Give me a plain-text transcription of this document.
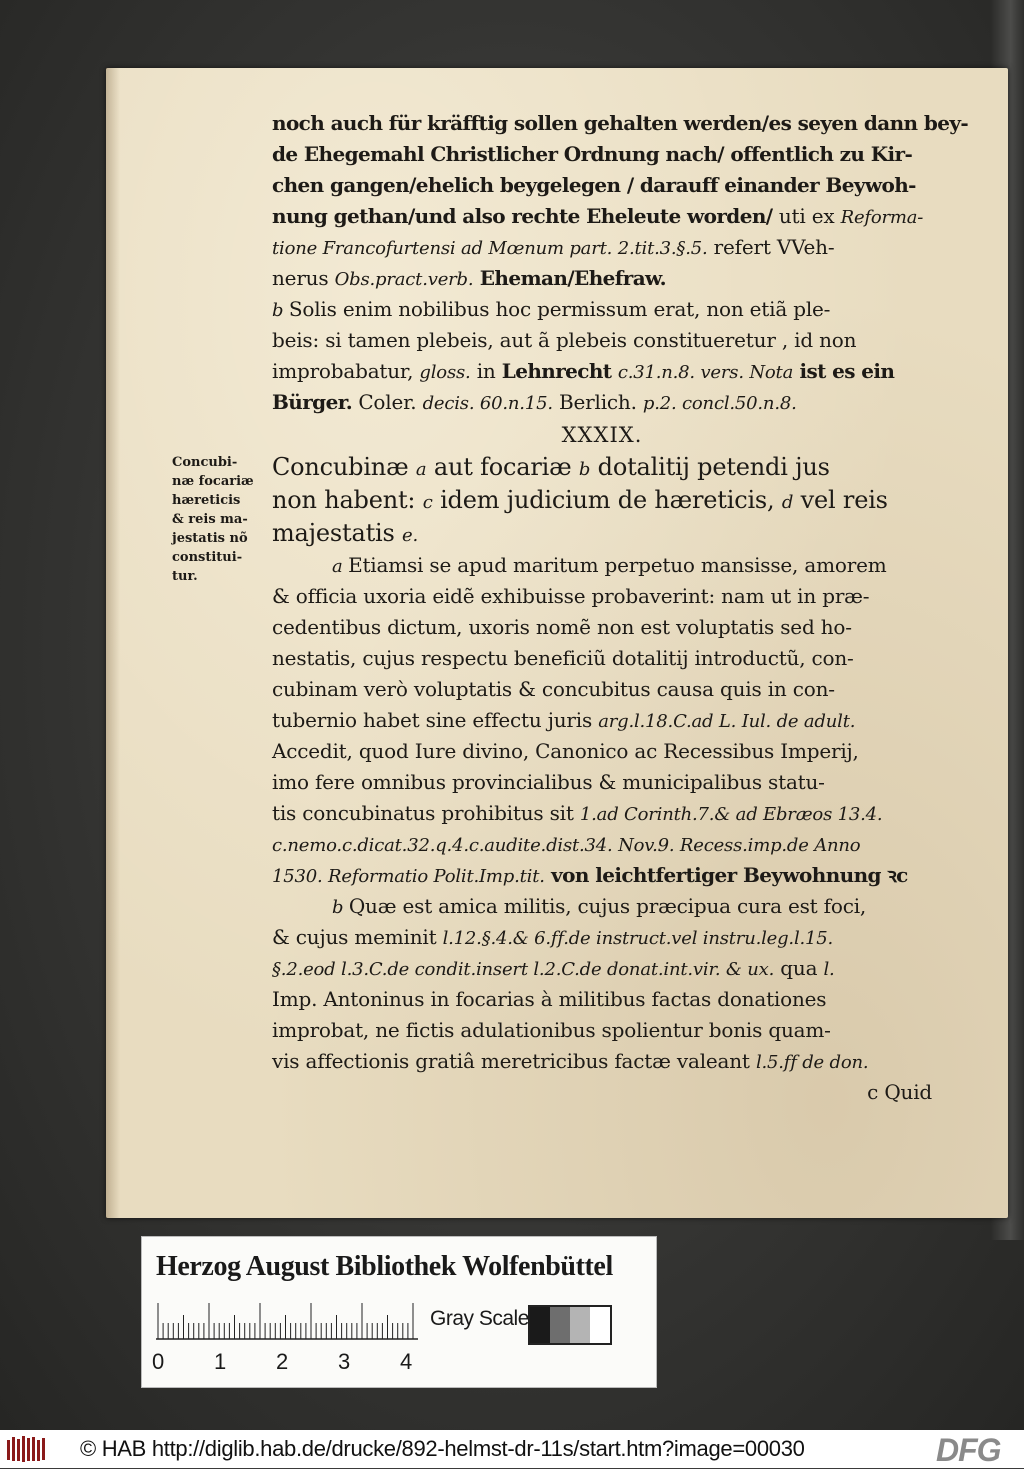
Concubi-
næ focariæ
hæreticis
& reis ma-
jestatis nõ
constitui-
tur.
noch auch für kräfftig sollen gehalten werden/es seyen dann bey-
de Ehegemahl Christlicher Ordnung nach/ offentlich zu Kir-
chen gangen/ehelich beygelegen / darauff einander Beywoh-
nung gethan/und also rechte Eheleute worden/ uti ex Reforma-
tione Francofurtensi ad Mœnum part. 2.tit.3.§.5. refert VVeh-
nerus Obs.pract.verb. Eheman/Ehefraw.
b Solis enim nobilibus hoc permissum erat, non etiã ple-
beis: si tamen plebeis, aut ã plebeis constitueretur , id non
improbabatur, gloss. in Lehnrecht c.31.n.8. vers. Nota ist es ein
Bürger. Coler. decis. 60.n.15. Berlich. p.2. concl.50.n.8.
XXXIX.
Concubinæ a aut focariæ b dotalitij petendi jus
non habent: c idem judicium de hæreticis, d vel reis
majestatis e.
a Etiamsi se apud maritum perpetuo mansisse, amorem
& officia uxoria eidẽ exhibuisse probaverint: nam ut in præ-
cedentibus dictum, uxoris nomẽ non est voluptatis sed ho-
nestatis, cujus respectu beneficiũ dotalitij introductũ, con-
cubinam verò voluptatis & concubitus causa quis in con-
tubernio habet sine effectu juris arg.l.18.C.ad L. Iul. de adult.
Accedit, quod Iure divino, Canonico ac Recessibus Imperij,
imo fere omnibus provincialibus & municipalibus statu-
tis concubinatus prohibitus sit 1.ad Corinth.7.& ad Ebræos 13.4.
c.nemo.c.dicat.32.q.4.c.audite.dist.34. Nov.9. Recess.imp.de Anno
1530. Reformatio Polit.Imp.tit. von leichtfertiger Beywohnung ꝛc
b Quæ est amica militis, cujus præcipua cura est foci,
& cujus meminit l.12.§.4.& 6.ff.de instruct.vel instru.leg.l.15.
§.2.eod l.3.C.de condit.insert l.2.C.de donat.int.vir. & ux. qua l.
Imp. Antoninus in focarias à militibus factas donationes
improbat, ne fictis adulationibus spolientur bonis quam-
vis affectionis gratiâ meretricibus factæ valeant l.5.ff de don.
c Quid
Herzog August Bibliothek Wolfenbüttel
0 1 2 3 4
Gray Scale
© HAB http://diglib.hab.de/drucke/892-helmst-dr-11s/start.htm?image=00030	DFG
